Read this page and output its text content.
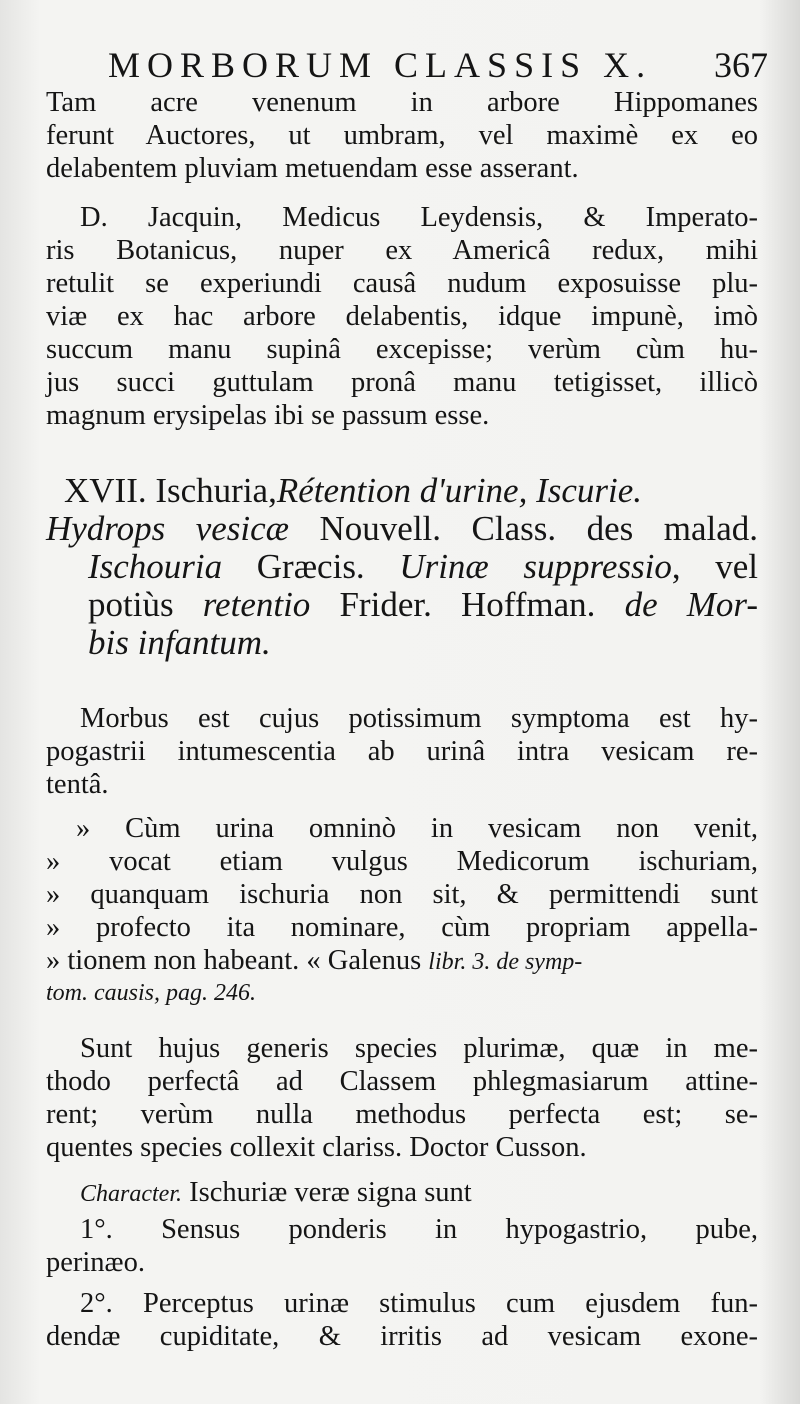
MORBORUM CLASSIS X. 367
Tam acre venenum in arbore Hippomanes
ferunt Auctores, ut umbram, vel maximè ex eo
delabentem pluviam metuendam esse asserant.
D. Jacquin, Medicus Leydensis, & Imperato-
ris Botanicus, nuper ex Americâ redux, mihi
retulit se experiundi causâ nudum exposuisse plu-
viæ ex hac arbore delabentis, idque impunè, imò
succum manu supinâ excepisse; verùm cùm hu-
jus succi guttulam pronâ manu tetigisset, illicò
magnum erysipelas ibi se passum esse.
XVII. Ischuria,Rétention d'urine, Iscurie.
Hydrops vesicæ Nouvell. Class. des malad.
Ischouria Græcis. Urinæ suppressio, vel
potiùs retentio Frider. Hoffman. de Mor-
bis infantum.
Morbus est cujus potissimum symptoma est hy-
pogastrii intumescentia ab urinâ intra vesicam re-
tentâ.
» Cùm urina omninò in vesicam non venit,
» vocat etiam vulgus Medicorum ischuriam,
» quanquam ischuria non sit, & permittendi sunt
» profecto ita nominare, cùm propriam appella-
» tionem non habeant. « Galenus libr. 3. de symp-
tom. causis, pag. 246.
Sunt hujus generis species plurimæ, quæ in me-
thodo perfectâ ad Classem phlegmasiarum attine-
rent; verùm nulla methodus perfecta est; se-
quentes species collexit clariss. Doctor Cusson.
Character. Ischuriæ veræ signa sunt
1°. Sensus ponderis in hypogastrio, pube,
perinæo.
2°. Perceptus urinæ stimulus cum ejusdem fun-
dendæ cupiditate, & irritis ad vesicam exone-
